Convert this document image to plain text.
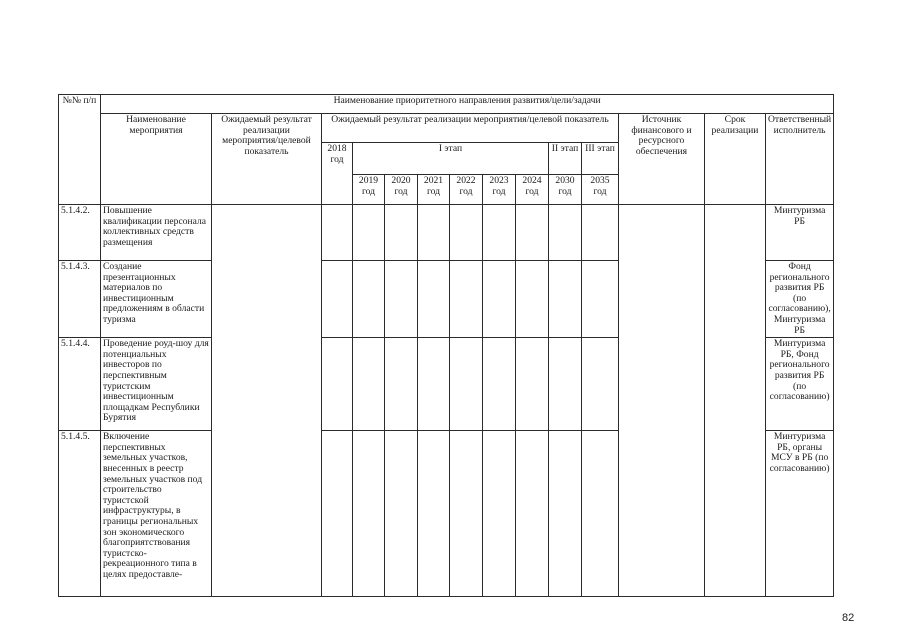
№№ п/п	Наименование приоритетного направления развития/цели/задачи													
	Наименование мероприятия	Ожидаемый результат реализации мероприятия/целевой показатель	Ожидаемый результат реализации мероприятия/целевой показатель									Источник финансового и ресурсного обеспечения	Срок реализации	Ответственный исполнитель
			2018 год	I этап						II этап	III этап			
				2019 год	2020 год	2021 год	2022 год	2023 год	2024 год	2030 год	2035 год			
5.1.4.2.	Повышение квалификации персонала коллективных средств размещения													Минтуризма РБ
5.1.4.3.	Создание презентационных материалов по инвестиционным предложениям в области туризма													Фонд регионального развития РБ (по согласованию), Минтуризма РБ
5.1.4.4.	Проведение роуд-шоу для потенциальных инвесторов по перспективным туристским инвестиционным площадкам Республики Бурятия													Минтуризма РБ, Фонд регионального развития РБ (по согласованию)
5.1.4.5.	Включение перспективных земельных участков, внесенных в реестр земельных участков под строительство туристской инфраструктуры, в границы региональных зон экономического благоприятствования туристско-рекреационного типа в целях предоставле-													Минтуризма РБ, органы МСУ в РБ (по согласованию)
82
